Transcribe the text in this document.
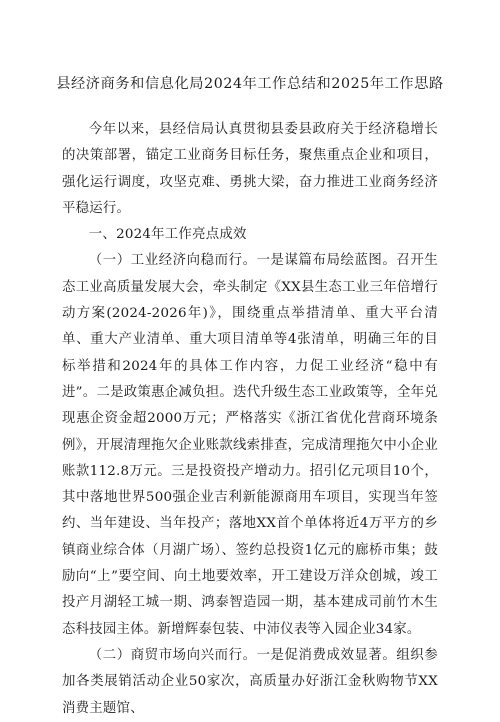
县经济商务和信息化局2024年工作总结和2025年工作思路

今年以来，县经信局认真贯彻县委县政府关于经济稳增长的决策部署，锚定工业商务目标任务，聚焦重点企业和项目，强化运行调度，攻坚克难、勇挑大梁，奋力推进工业商务经济平稳运行。

一、2024年工作亮点成效

（一）工业经济向稳而行。一是谋篇布局绘蓝图。召开生态工业高质量发展大会，牵头制定《XX县生态工业三年倍增行动方案(2024-2026年)》，围绕重点举措清单、重大平台清单、重大产业清单、重大项目清单等4张清单，明确三年的目标举措和2024年的具体工作内容，力促工业经济“稳中有进”。二是政策惠企减负担。迭代升级生态工业政策等，全年兑现惠企资金超2000万元；严格落实《浙江省优化营商环境条例》，开展清理拖欠企业账款线索排查，完成清理拖欠中小企业账款112.8万元。三是投资投产增动力。招引亿元项目10个，其中落地世界500强企业吉利新能源商用车项目，实现当年签约、当年建设、当年投产；落地XX首个单体将近4万平方的乡镇商业综合体（月湖广场）、签约总投资1亿元的廊桥市集；鼓励向“上”要空间、向土地要效率，开工建设万洋众创城，竣工投产月湖轻工城一期、鸿泰智造园一期，基本建成司前竹木生态科技园主体。新增辉泰包装、中沛仪表等入园企业34家。

（二）商贸市场向兴而行。一是促消费成效显著。组织参加各类展销活动企业50家次，高质量办好浙江金秋购物节XX消费主题馆、
